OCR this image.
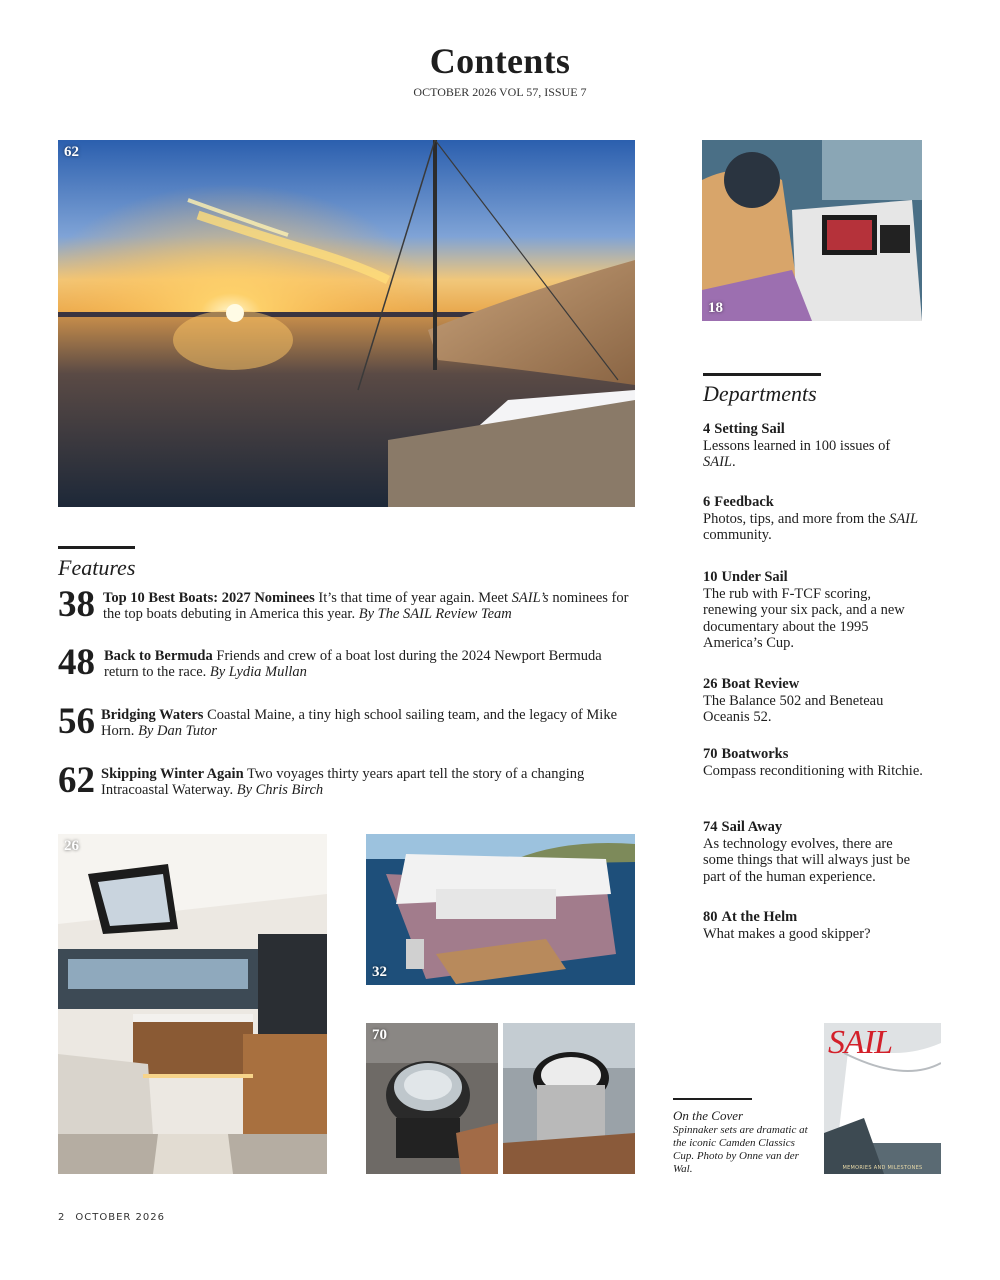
Contents
OCTOBER 2026 VOL 57, ISSUE 7
62
18
Departments
4 Setting Sail
Lessons learned in 100 issues of SAIL.
6 Feedback
Photos, tips, and more from the SAIL community.
10 Under Sail
The rub with F-TCF scoring, renewing your six pack, and a new documentary about the 1995 America’s Cup.
26 Boat Review
The Balance 502 and Beneteau Oceanis 52.
70 Boatworks
Compass reconditioning with Ritchie.
74 Sail Away
As technology evolves, there are some things that will always just be part of the human experience.
80 At the Helm
What makes a good skipper?
Features
38 Top 10 Best Boats: 2027 Nominees It’s that time of year again. Meet SAIL’s nominees for the top boats debuting in America this year. By The SAIL Review Team
48 Back to Bermuda Friends and crew of a boat lost during the 2024 Newport Bermuda return to the race. By Lydia Mullan
56 Bridging Waters Coastal Maine, a tiny high school sailing team, and the legacy of Mike Horn. By Dan Tutor
62 Skipping Winter Again Two voyages thirty years apart tell the story of a changing Intracoastal Waterway. By Chris Birch
26
32
70
On the Cover
Spinnaker sets are dramatic at the iconic Camden Classics Cup. Photo by Onne van der Wal.
SAIL
MEMORIES AND MILESTONES
2 OCTOBER 2026
